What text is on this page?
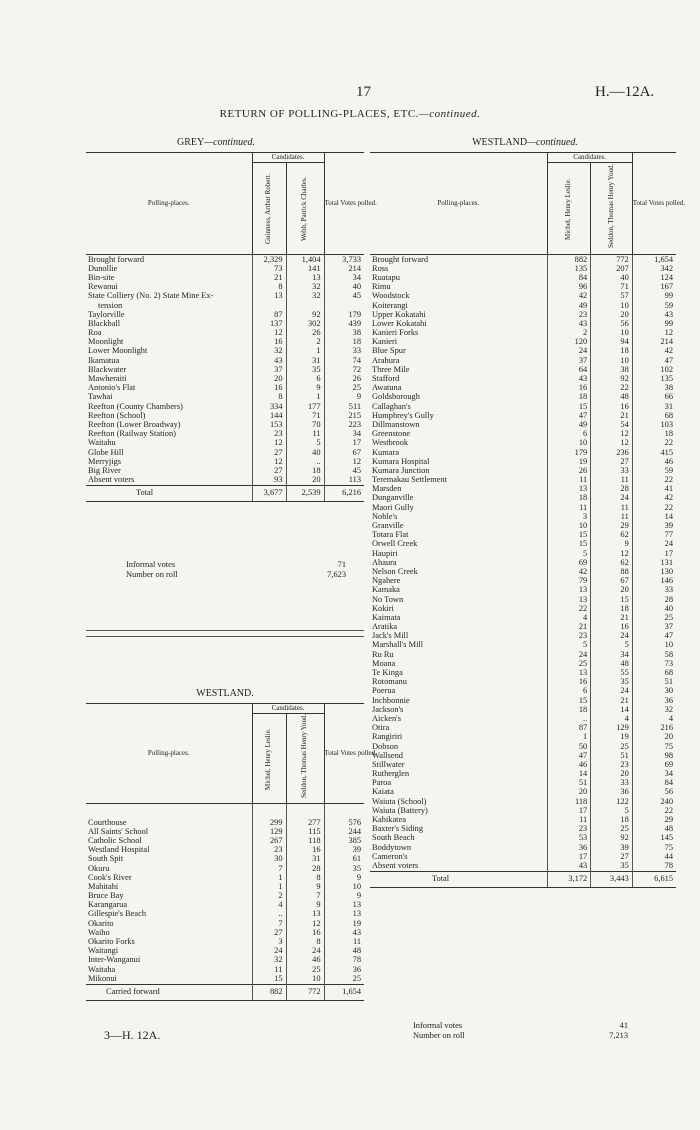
17	H.—12A.
RETURN OF POLLING-PLACES, ETC.—continued.
GREY—continued.
Polling-places.	Candidates.		Total Votes polled.

	Guinness, Arthur Robert.	Webb, Patrick Charles.	

Brought forward	2,329	1,404	3,733
Dunollie	73	141	214
Bin-site	21	13	34
Rewanui	8	32	40
State Colliery (No. 2) State Mine Ex-	13	32	45
tension			
Taylorville	87	92	179
Blackball	137	302	439
Roa	12	26	38
Moonlight	16	2	18
Lower Moonlight	32	1	33
Ikamatua	43	31	74
Blackwater	37	35	72
Mawheraiti	20	6	26
Antonio's Flat	16	9	25
Tawhai	8	1	9
Reefton (County Chambers)	334	177	511
Reefton (School)	144	71	215
Reefton (Lower Broadway)	153	70	223
Reefton (Railway Station)	23	11	34
Waitahu	12	5	17
Globe Hill	27	40	67
Merryjigs	12	..	12
Big River	27	18	45
Absent voters	93	20	113
Total	3,677	2,539	6,216
Informal votes	71
Number on roll	7,623
WESTLAND.
Polling-places.	Candidates.		Total Votes polled.

	Michel, Henry Leslie.	Seddon, Thomas Henry Youd.	

Courthouse	299	277	576
All Saints' School	129	115	244
Catholic School	267	118	385
Westland Hospital	23	16	39
South Spit	30	31	61
Okuru	7	28	35
Cook's River	1	8	9
Mahitahi	1	9	10
Bruce Bay	2	7	9
Karangarua	4	9	13
Gillespie's Beach	..	13	13
Okarito	7	12	19
Waiho	27	16	43
Okarito Forks	3	8	11
Waitangi	24	24	48
Inter-Wanganui	32	46	78
Waitaha	11	25	36
Mikonui	15	10	25
Carried forward	882	772	1,654
WESTLAND—continued.
Polling-places.	Candidates.		Total Votes polled.

	Michel, Henry Leslie.	Seddon, Thomas Henry Youd.	

Brought forward	882	772	1,654
Ross	135	207	342
Ruatapu	84	40	124
Rimu	96	71	167
Woodstock	42	57	99
Koiterangi	49	10	59
Upper Kokatahi	23	20	43
Lower Kokatahi	43	56	99
Kanieri Forks	2	10	12
Kanieri	120	94	214
Blue Spur	24	18	42
Arahura	37	10	47
Three Mile	64	38	102
Stafford	43	92	135
Awatuna	16	22	38
Goldsborough	18	48	66
Callaghan's	15	16	31
Humphrey's Gully	47	21	68
Dillmanstown	49	54	103
Greenstone	6	12	18
Westbrook	10	12	22
Kumara	179	236	415
Kumara Hospital	19	27	46
Kumara Junction	26	33	59
Teremakau Settlement	11	11	22
Marsden	13	28	41
Dunganville	18	24	42
Maori Gully	11	11	22
Noble's	3	11	14
Granville	10	29	39
Totara Flat	15	62	77
Orwell Creek	15	9	24
Haupiri	5	12	17
Ahaura	69	62	131
Nelson Creek	42	88	130
Ngahere	79	67	146
Kamaka	13	20	33
No Town	13	15	28
Kokiri	22	18	40
Kaimata	4	21	25
Aratika	21	16	37
Jack's Mill	23	24	47
Marshall's Mill	5	5	10
Ru Ru	24	34	58
Moana	25	48	73
Te Kinga	13	55	68
Rotomanu	16	35	51
Poerua	6	24	30
Inchbonnie	15	21	36
Jackson's	18	14	32
Aicken's	..	4	4
Otira	87	129	216
Rangiriri	1	19	20
Dobson	50	25	75
Wallsend	47	51	98
Stillwater	46	23	69
Rutherglen	14	20	34
Paroa	51	33	84
Kaiata	20	36	56
Waiuta (School)	118	122	240
Waiuta (Battery)	17	5	22
Kahikatea	11	18	29
Baxter's Siding	23	25	48
South Beach	53	92	145
Boddytown	36	39	75
Cameron's	17	27	44
Absent voters	43	35	78
Total	3,172	3,443	6,615
Informal votes	41
Number on roll	7,213
3—H. 12A.
